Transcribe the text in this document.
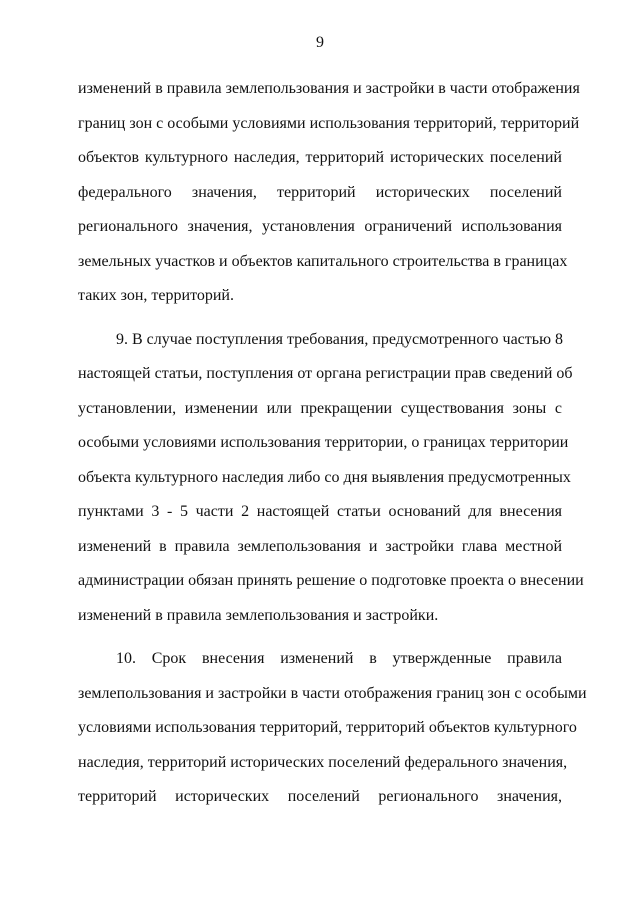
9
изменений в правила землепользования и застройки в части отображения
границ зон с особыми условиями использования территорий, территорий
объектов культурного наследия, территорий исторических поселений
федерального значения, территорий исторических поселений
регионального значения, установления ограничений использования
земельных участков и объектов капитального строительства в границах
таких зон, территорий.
9. В случае поступления требования, предусмотренного частью 8
настоящей статьи, поступления от органа регистрации прав сведений об
установлении, изменении или прекращении существования зоны с
особыми условиями использования территории, о границах территории
объекта культурного наследия либо со дня выявления предусмотренных
пунктами 3 - 5 части 2 настоящей статьи оснований для внесения
изменений в правила землепользования и застройки глава местной
администрации обязан принять решение о подготовке проекта о внесении
изменений в правила землепользования и застройки.
10. Срок внесения изменений в утвержденные правила
землепользования и застройки в части отображения границ зон с особыми
условиями использования территорий, территорий объектов культурного
наследия, территорий исторических поселений федерального значения,
территорий исторических поселений регионального значения,
